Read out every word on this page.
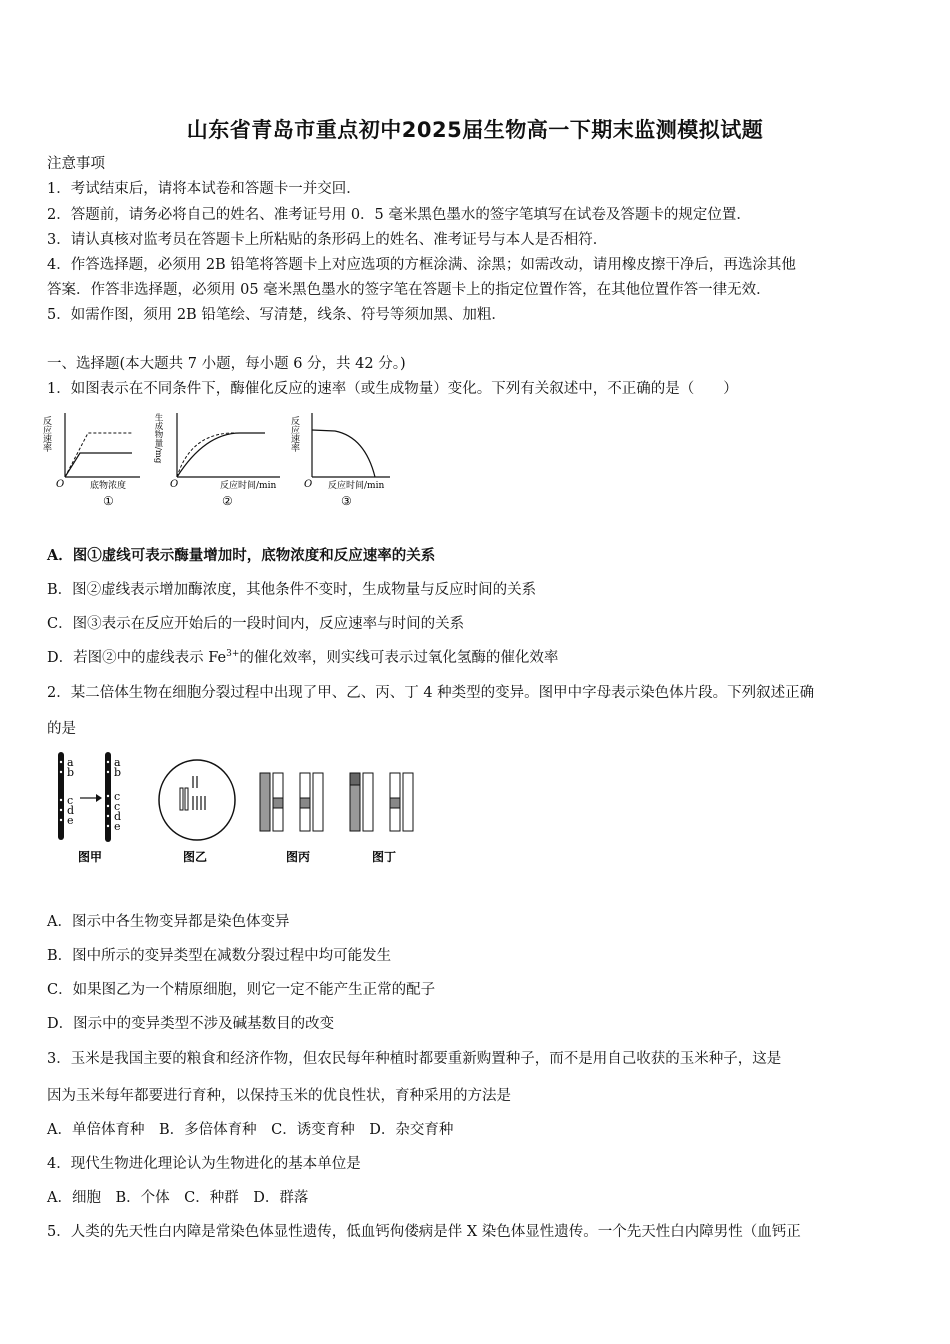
山东省青岛市重点初中2025届生物高一下期末监测模拟试题
注意事项
1．考试结束后，请将本试卷和答题卡一并交回．
2．答题前，请务必将自己的姓名、准考证号用 0．5 毫米黑色墨水的签字笔填写在试卷及答题卡的规定位置．
3．请认真核对监考员在答题卡上所粘贴的条形码上的姓名、准考证号与本人是否相符．
4．作答选择题，必须用 2B 铅笔将答题卡上对应选项的方框涂满、涂黑；如需改动，请用橡皮擦干净后，再选涂其他
答案．作答非选择题，必须用 05 毫米黑色墨水的签字笔在答题卡上的指定位置作答，在其他位置作答一律无效．
5．如需作图，须用 2B 铅笔绘、写清楚，线条、符号等须加黑、加粗．
一、选择题(本大题共 7 小题，每小题 6 分，共 42 分。)
1．如图表示在不同条件下，酶催化反应的速率（或生成物量）变化。下列有关叙述中，不正确的是（　　）
反应速率
O	底物浓度
①
生成物量/mg
O	反应时间/min
②
反应速率
O 反应时间/min
③
A．图①虚线可表示酶量增加时，底物浓度和反应速率的关系
B．图②虚线表示增加酶浓度，其他条件不变时，生成物量与反应时间的关系
C．图③表示在反应开始后的一段时间内，反应速率与时间的关系
D．若图②中的虚线表示 $Fe^{3+}$的催化效率，则实线可表示过氧化氢酶的催化效率
2．某二倍体生物在细胞分裂过程中出现了甲、乙、丙、丁 4 种类型的变异。图甲中字母表示染色体片段。下列叙述正确
的是
a
b
c
d
e
a
b
c
c
d
e
图甲	图乙	图丙	图丁
A．图示中各生物变异都是染色体变异
B．图中所示的变异类型在减数分裂过程中均可能发生
C．如果图乙为一个精原细胞，则它一定不能产生正常的配子
D．图示中的变异类型不涉及碱基数目的改变
3．玉米是我国主要的粮食和经济作物，但农民每年种植时都要重新购置种子，而不是用自己收获的玉米种子，这是
因为玉米每年都要进行育种，以保持玉米的优良性状，育种采用的方法是
A．单倍体育种　B．多倍体育种　C．诱变育种　D．杂交育种
4．现代生物进化理论认为生物进化的基本单位是
A．细胞　B．个体　C．种群　D．群落
5．人类的先天性白内障是常染色体显性遗传，低血钙佝偻病是伴 X 染色体显性遗传。一个先天性白内障男性（血钙正
